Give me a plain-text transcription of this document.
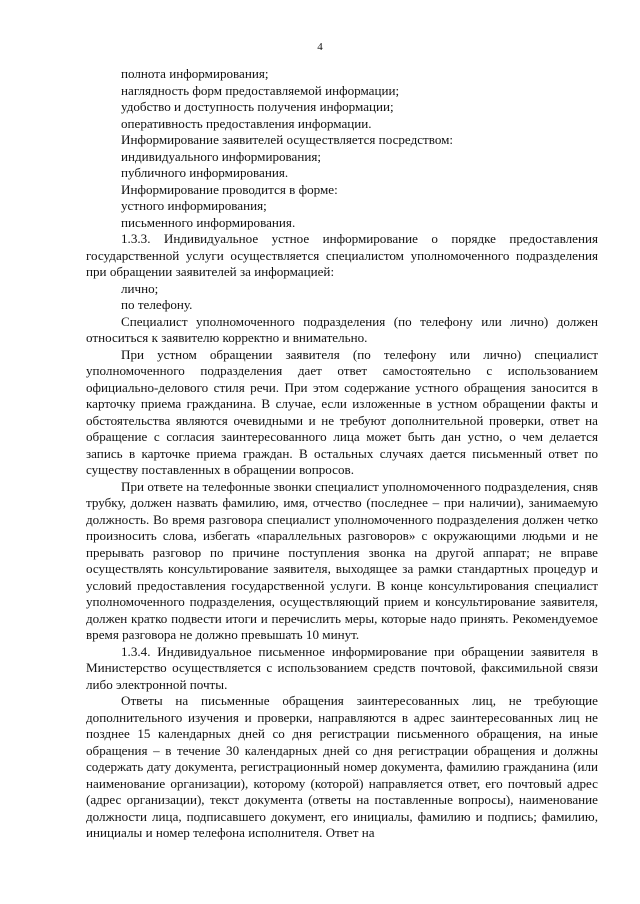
4

полнота информирования;

наглядность форм предоставляемой информации;

удобство и доступность получения информации;

оперативность предоставления информации.

Информирование заявителей осуществляется посредством:

индивидуального информирования;

публичного информирования.

Информирование проводится в форме:

устного информирования;

письменного информирования.

1.3.3. Индивидуальное устное информирование о порядке предоставления государственной услуги осуществляется специалистом уполномоченного подразделения при обращении заявителей за информацией:

лично;

по телефону.

Специалист уполномоченного подразделения (по телефону или лично) должен относиться к заявителю корректно и внимательно.

При устном обращении заявителя (по телефону или лично) специалист уполномоченного подразделения дает ответ самостоятельно с использованием официально-делового стиля речи. При этом содержание устного обращения заносится в карточку приема гражданина. В случае, если изложенные в устном обращении факты и обстоятельства являются очевидными и не требуют дополнительной проверки, ответ на обращение с согласия заинтересованного лица может быть дан устно, о чем делается запись в карточке приема граждан. В остальных случаях дается письменный ответ по существу поставленных в обращении вопросов.

При ответе на телефонные звонки специалист уполномоченного подразделения, сняв трубку, должен назвать фамилию, имя, отчество (последнее – при наличии), занимаемую должность. Во время разговора специалист уполномоченного подразделения должен четко произносить слова, избегать «параллельных разговоров» с окружающими людьми и не прерывать разговор по причине поступления звонка на другой аппарат; не вправе осуществлять консультирование заявителя, выходящее за рамки стандартных процедур и условий предоставления государственной услуги. В конце консультирования специалист уполномоченного подразделения, осуществляющий прием и консультирование заявителя, должен кратко подвести итоги и перечислить меры, которые надо принять. Рекомендуемое время разговора не должно превышать 10 минут.

1.3.4. Индивидуальное письменное информирование при обращении заявителя в Министерство осуществляется с использованием средств почтовой, факсимильной связи либо электронной почты.

Ответы на письменные обращения заинтересованных лиц, не требующие дополнительного изучения и проверки, направляются в адрес заинтересованных лиц не позднее 15 календарных дней со дня регистрации письменного обращения, на иные обращения – в течение 30 календарных дней со дня регистрации обращения и должны содержать дату документа, регистрационный номер документа, фамилию гражданина (или наименование организации), которому (которой) направляется ответ, его почтовый адрес (адрес организации), текст документа (ответы на поставленные вопросы), наименование должности лица, подписавшего документ, его инициалы, фамилию и подпись; фамилию, инициалы и номер телефона исполнителя. Ответ на
